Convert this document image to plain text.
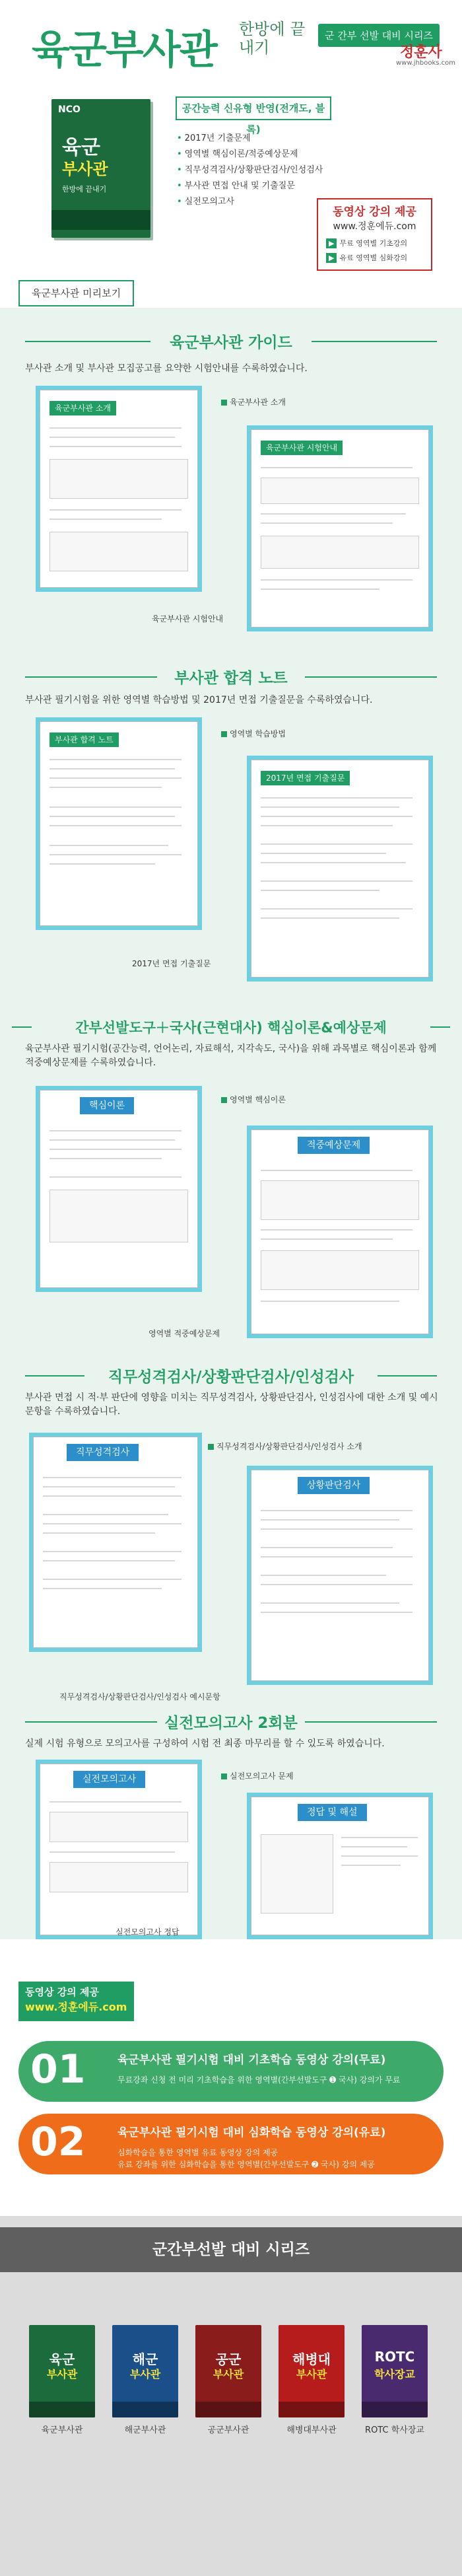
육군부사관 한방에 끝내기
군 간부 선발 대비 시리즈
정훈사
www.jhbooks.com
NCO
육군
부사관
한방에 끝내기
공간능력 신유형 반영(전개도, 블록)
• 2017년 기출문제
• 영역별 핵심이론/적중예상문제
• 직무성격검사/상황판단검사/인성검사
• 부사관 면접 안내 및 기출질문
• 실전모의고사
동영상 강의 제공
www.정훈에듀.com
▶ 무료 영역별 기초강의
▶ 유료 영역별 심화강의
육군부사관 미리보기
육군부사관 가이드
부사관 소개 및 부사관 모집공고를 요약한 시험안내를 수록하였습니다.
육군부사관 소개
육군부사관 소개
육군부사관 시험안내
육군부사관 시험안내
부사관 합격 노트
부사관 필기시험을 위한 영역별 학습방법 및 2017년 면접 기출질문을 수록하였습니다.
부사관 합격 노트
영역별 학습방법
2017년 면접 기출질문
2017년 면접 기출질문
간부선발도구＋국사(근현대사) 핵심이론&예상문제
육군부사관 필기시험(공간능력, 언어논리, 자료해석, 지각속도, 국사)을 위해 과목별로 핵심이론과 함께 적중예상문제를 수록하였습니다.
핵심이론
영역별 핵심이론
적중예상문제
영역별 적중예상문제
직무성격검사/상황판단검사/인성검사
부사관 면접 시 적·부 판단에 영향을 미치는 직무성격검사, 상황판단검사, 인성검사에 대한 소개 및 예시문항을 수록하였습니다.
직무성격검사
직무성격검사/상황판단검사/인성검사 소개
상황판단검사
직무성격검사/상황판단검사/인성검사 예시문항
실전모의고사 2회분
실제 시험 유형으로 모의고사를 구성하여 시험 전 최종 마무리를 할 수 있도록 하였습니다.
실전모의고사	실전모의고사 문제
정답 및 해설
실전모의고사 정답
동영상 강의 제공
www.정훈에듀.com
01	육군부사관 필기시험 대비 기초학습 동영상 강의(무료)
무료강좌 신청 전 미리 기초학습을 위한 영역별(간부선발도구 ➊ 국사) 강의가 무료
02	육군부사관 필기시험 대비 심화학습 동영상 강의(유료)
심화학습을 통한 영역별 유료 동영상 강의 제공
유료 강좌를 위한 심화학습을 통한 영역별(간부선발도구 ➋ 국사) 강의 제공
군간부선발 대비 시리즈
육군
부사관
해군
부사관
공군
부사관
해병대
부사관
ROTC
학사장교
육군부사관	해군부사관	공군부사관	해병대부사관	ROTC 학사장교
